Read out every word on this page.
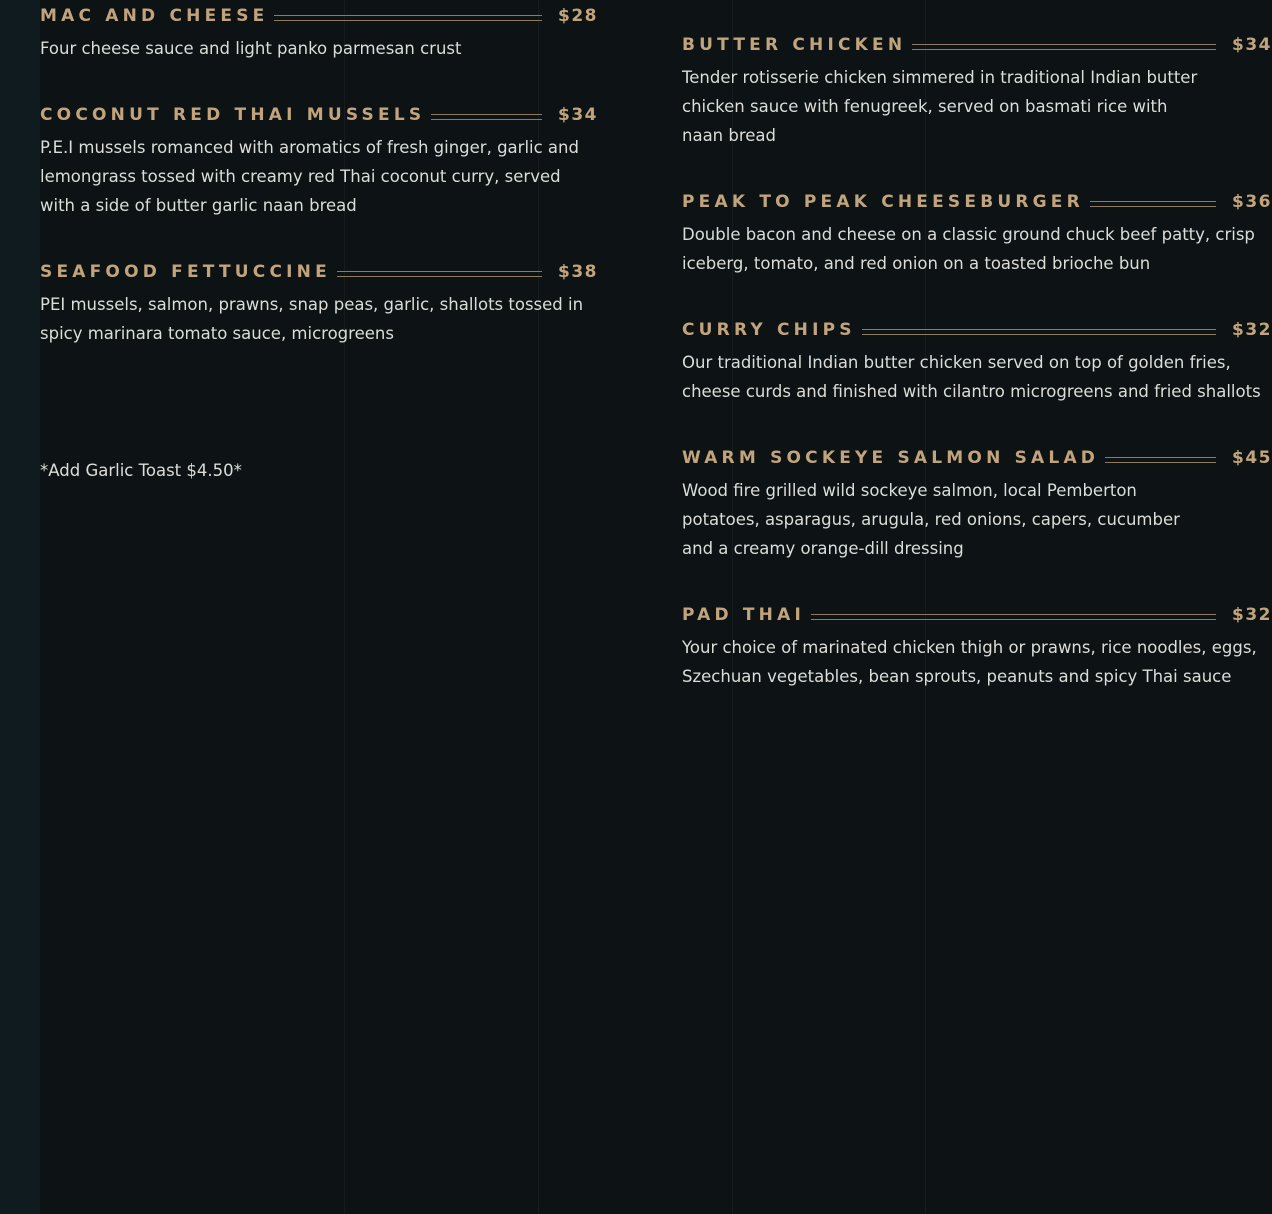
MAC AND CHEESE	$28
Four cheese sauce and light panko parmesan crust
COCONUT RED THAI MUSSELS	$34
P.E.I mussels romanced with aromatics of fresh ginger, garlic and lemongrass tossed with creamy red Thai coconut curry, served with a side of butter garlic naan bread
SEAFOOD FETTUCCINE	$38
PEI mussels, salmon, prawns, snap peas, garlic, shallots tossed in spicy marinara tomato sauce, microgreens
*Add Garlic Toast $4.50*
BUTTER CHICKEN	$34
Tender rotisserie chicken simmered in traditional Indian butter chicken sauce with fenugreek, served on basmati rice with naan bread
PEAK TO PEAK CHEESEBURGER	$36
Double bacon and cheese on a classic ground chuck beef patty, crisp iceberg, tomato, and red onion on a toasted brioche bun
CURRY CHIPS	$32
Our traditional Indian butter chicken served on top of golden fries, cheese curds and finished with cilantro microgreens and fried shallots
WARM SOCKEYE SALMON SALAD	$45
Wood fire grilled wild sockeye salmon, local Pemberton potatoes, asparagus, arugula, red onions, capers, cucumber and a creamy orange-dill dressing
PAD THAI	$32
Your choice of marinated chicken thigh or prawns, rice noodles, eggs, Szechuan vegetables, bean sprouts, peanuts and spicy Thai sauce
